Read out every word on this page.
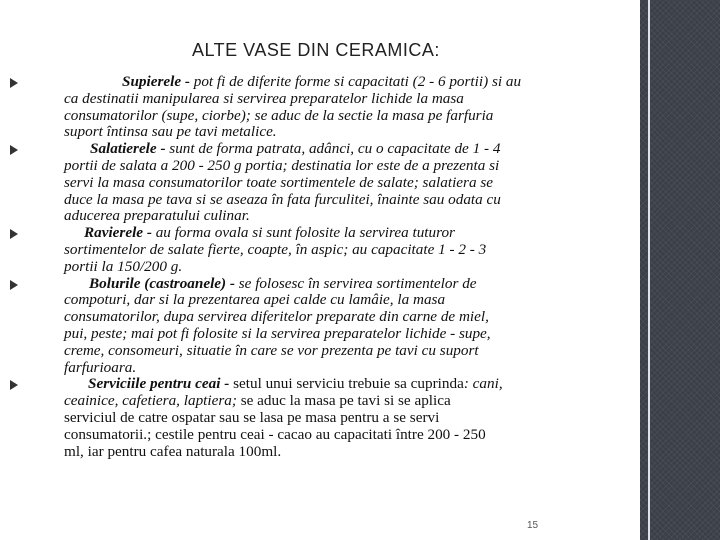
ALTE VASE DIN CERAMICA:
Supierele - pot fi de diferite forme si capacitati (2 - 6 portii) si au
ca destinatii manipularea si servirea preparatelor lichide la masa
consumatorilor (supe, ciorbe); se aduc de la sectie la masa pe farfuria
suport întinsa sau pe tavi metalice.
Salatierele - sunt de forma patrata, adânci, cu o capacitate de 1 - 4
portii de salata a 200 - 250 g portia; destinatia lor este de a prezenta si
servi la masa consumatorilor toate sortimentele de salate; salatiera se
duce la masa pe tava si se aseaza în fata furculitei, înainte sau odata cu
aducerea preparatului culinar.
Ravierele - au forma ovala si sunt folosite la servirea tuturor
sortimentelor de salate fierte, coapte, în aspic; au capacitate 1 - 2 - 3
portii la 150/200 g.
Bolurile (castroanele) - se folosesc în servirea sortimentelor de
compoturi, dar si la prezentarea apei calde cu lamâie, la masa
consumatorilor, dupa servirea diferitelor preparate din carne de miel,
pui, peste; mai pot fi folosite si la servirea preparatelor lichide - supe,
creme, consomeuri, situatie în care se vor prezenta pe tavi cu suport
farfurioara.
Serviciile pentru ceai - setul unui serviciu trebuie sa cuprinda: cani,
ceainice, cafetiera, laptiera; se aduc la masa pe tavi si se aplica
serviciul de catre ospatar sau se lasa pe masa pentru a se servi
consumatorii.; cestile pentru ceai - cacao au capacitati între 200 - 250
ml, iar pentru cafea naturala 100ml.
15
